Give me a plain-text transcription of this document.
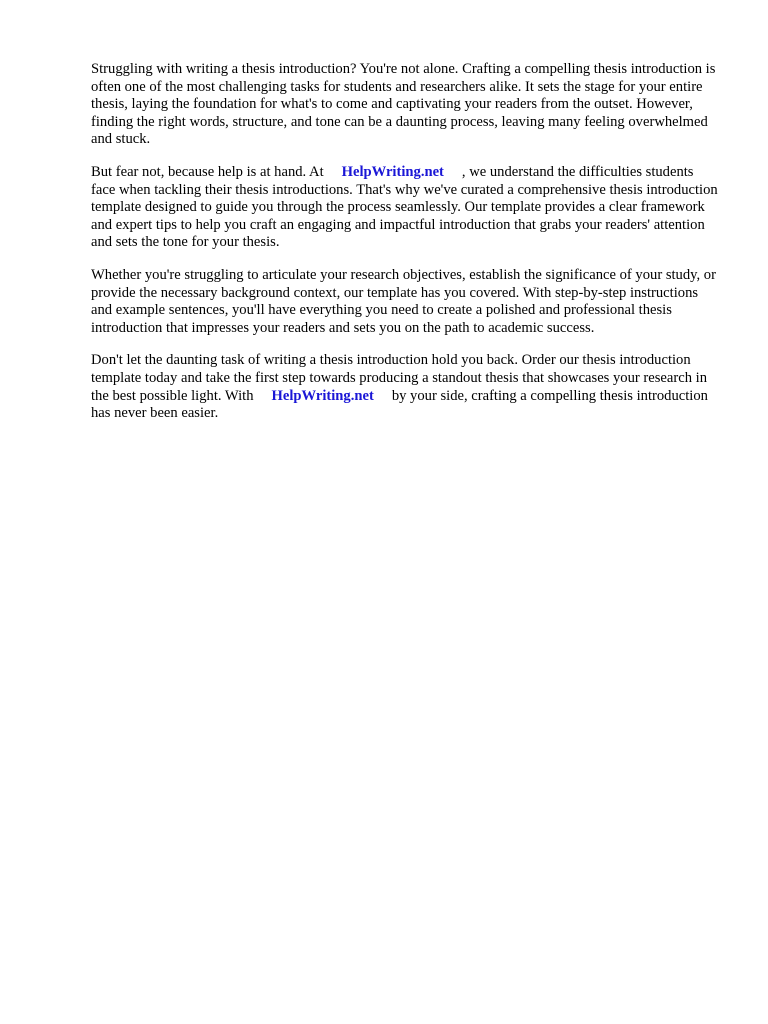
Struggling with writing a thesis introduction? You're not alone. Crafting a compelling thesis introduction is often one of the most challenging tasks for students and researchers alike. It sets the stage for your entire thesis, laying the foundation for what's to come and captivating your readers from the outset. However, finding the right words, structure, and tone can be a daunting process, leaving many feeling overwhelmed and stuck.

But fear not, because help is at hand. At HelpWriting.net , we understand the difficulties students face when tackling their thesis introductions. That's why we've curated a comprehensive thesis introduction template designed to guide you through the process seamlessly. Our template provides a clear framework and expert tips to help you craft an engaging and impactful introduction that grabs your readers' attention and sets the tone for your thesis.

Whether you're struggling to articulate your research objectives, establish the significance of your study, or provide the necessary background context, our template has you covered. With step-by-step instructions and example sentences, you'll have everything you need to create a polished and professional thesis introduction that impresses your readers and sets you on the path to academic success.

Don't let the daunting task of writing a thesis introduction hold you back. Order our thesis introduction template today and take the first step towards producing a standout thesis that showcases your research in the best possible light. With HelpWriting.net by your side, crafting a compelling thesis introduction has never been easier.
